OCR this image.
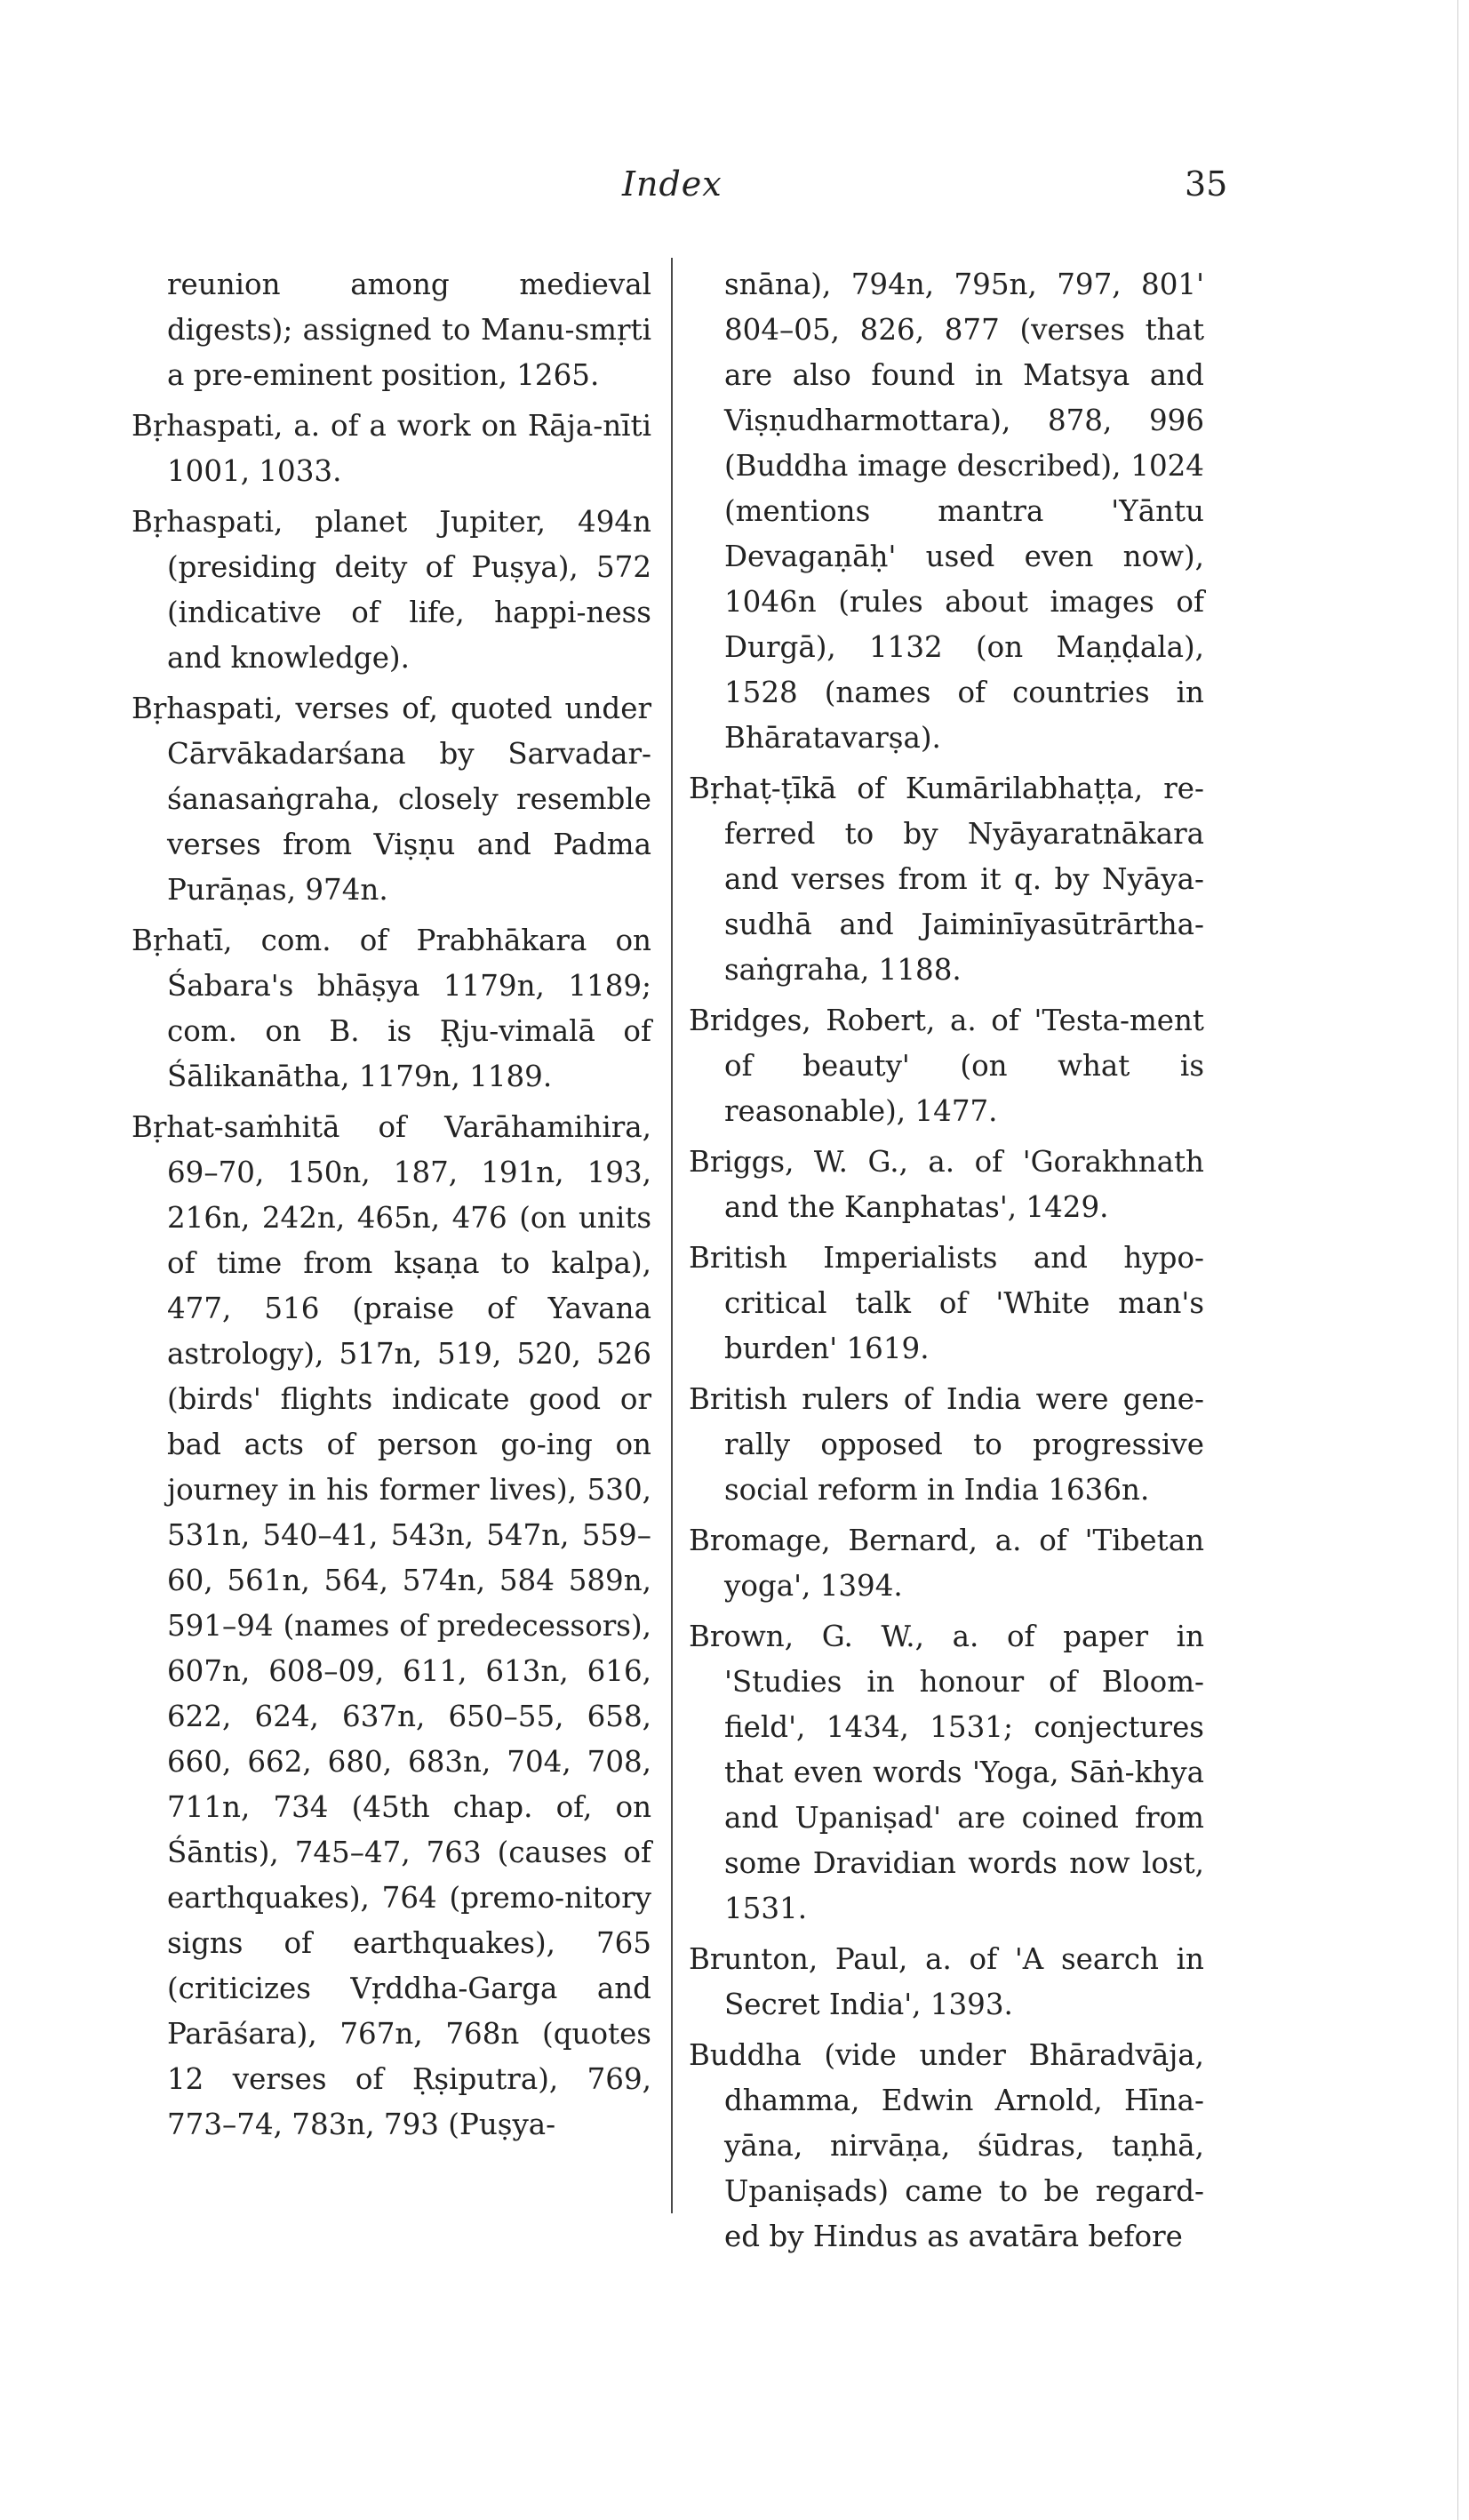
Index	35

reunion among medieval digests); assigned to Manu-smṛti a pre-eminent position, 1265.

Bṛhaspati, a. of a work on Rāja-nīti 1001, 1033.

Bṛhaspati, planet Jupiter, 494n (presiding deity of Puṣya), 572 (indicative of life, happi-ness and knowledge).

Bṛhaspati, verses of, quoted under Cārvākadarśana by Sarvadar-śanasaṅgraha, closely resemble verses from Viṣṇu and Padma Purāṇas, 974n.

Bṛhatī, com. of Prabhākara on Śabara's bhāṣya 1179n, 1189; com. on B. is Ṛju-vimalā of Śālikanātha, 1179n, 1189.

Bṛhat-saṁhitā of Varāhamihira, 69–70, 150n, 187, 191n, 193, 216n, 242n, 465n, 476 (on units of time from kṣaṇa to kalpa), 477, 516 (praise of Yavana astrology), 517n, 519, 520, 526 (birds' flights indicate good or bad acts of person go-ing on journey in his former lives), 530, 531n, 540–41, 543n, 547n, 559–60, 561n, 564, 574n, 584 589n, 591–94 (names of predecessors), 607n, 608–09, 611, 613n, 616, 622, 624, 637n, 650–55, 658, 660, 662, 680, 683n, 704, 708, 711n, 734 (45th chap. of, on Śāntis), 745–47, 763 (causes of earthquakes), 764 (premo-nitory signs of earthquakes), 765 (criticizes Vṛddha-Garga and Parāśara), 767n, 768n (quotes 12 verses of Ṛṣiputra), 769, 773–74, 783n, 793 (Puṣya-

snāna), 794n, 795n, 797, 801' 804–05, 826, 877 (verses that are also found in Matsya and Viṣṇudharmottara), 878, 996 (Buddha image described), 1024 (mentions mantra 'Yāntu Devagaṇāḥ' used even now), 1046n (rules about images of Durgā), 1132 (on Maṇḍala), 1528 (names of countries in Bhāratavarṣa).

Bṛhaṭ-ṭīkā of Kumārilabhaṭṭa, re-ferred to by Nyāyaratnākara and verses from it q. by Nyāya-sudhā and Jaiminīyasūtrārtha-saṅgraha, 1188.

Bridges, Robert, a. of 'Testa-ment of beauty' (on what is reasonable), 1477.

Briggs, W. G., a. of 'Gorakhnath and the Kanphatas', 1429.

British Imperialists and hypo-critical talk of 'White man's burden' 1619.

British rulers of India were gene-rally opposed to progressive social reform in India 1636n.

Bromage, Bernard, a. of 'Tibetan yoga', 1394.

Brown, G. W., a. of paper in 'Studies in honour of Bloom-field', 1434, 1531; conjectures that even words 'Yoga, Sāṅ-khya and Upaniṣad' are coined from some Dravidian words now lost, 1531.

Brunton, Paul, a. of 'A search in Secret India', 1393.

Buddha (vide under Bhāradvāja, dhamma, Edwin Arnold, Hīna-yāna, nirvāṇa, śūdras, taṇhā, Upaniṣads) came to be regard-ed by Hindus as avatāra before
